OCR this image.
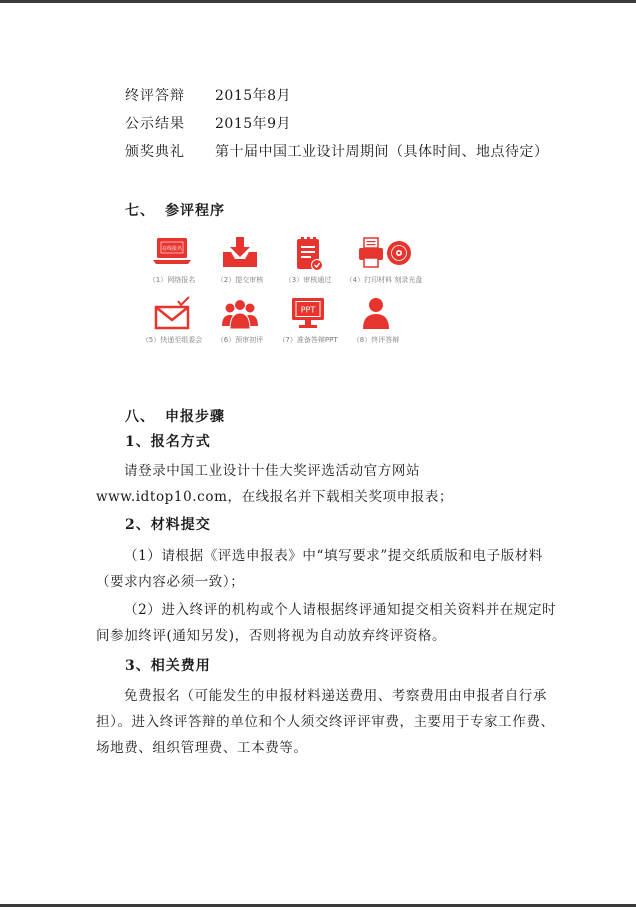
终评答辩 2015年8月
公示结果 2015年9月
颁奖典礼 第十届中国工业设计周期间（具体时间、地点待定）
七、 参评程序
在线报名
（1）网络报名	（2）提交审核	（3）审核通过	（4）打印材料 刻录光盘
（5）快递至组委会	（6）预审初评
PPT
（7）准备答辩PPT	（8）终评答辩
八、 申报步骤
1、报名方式

请登录中国工业设计十佳大奖评选活动官方网站www.idtop10.com，在线报名并下载相关奖项申报表；

2、材料提交

（1）请根据《评选申报表》中“填写要求”提交纸质版和电子版材料（要求内容必须一致）；

（2）进入终评的机构或个人请根据终评通知提交相关资料并在规定时间参加终评(通知另发)，否则将视为自动放弃终评资格。

3、相关费用

免费报名（可能发生的申报材料递送费用、考察费用由申报者自行承担）。进入终评答辩的单位和个人须交终评评审费，主要用于专家工作费、场地费、组织管理费、工本费等。
